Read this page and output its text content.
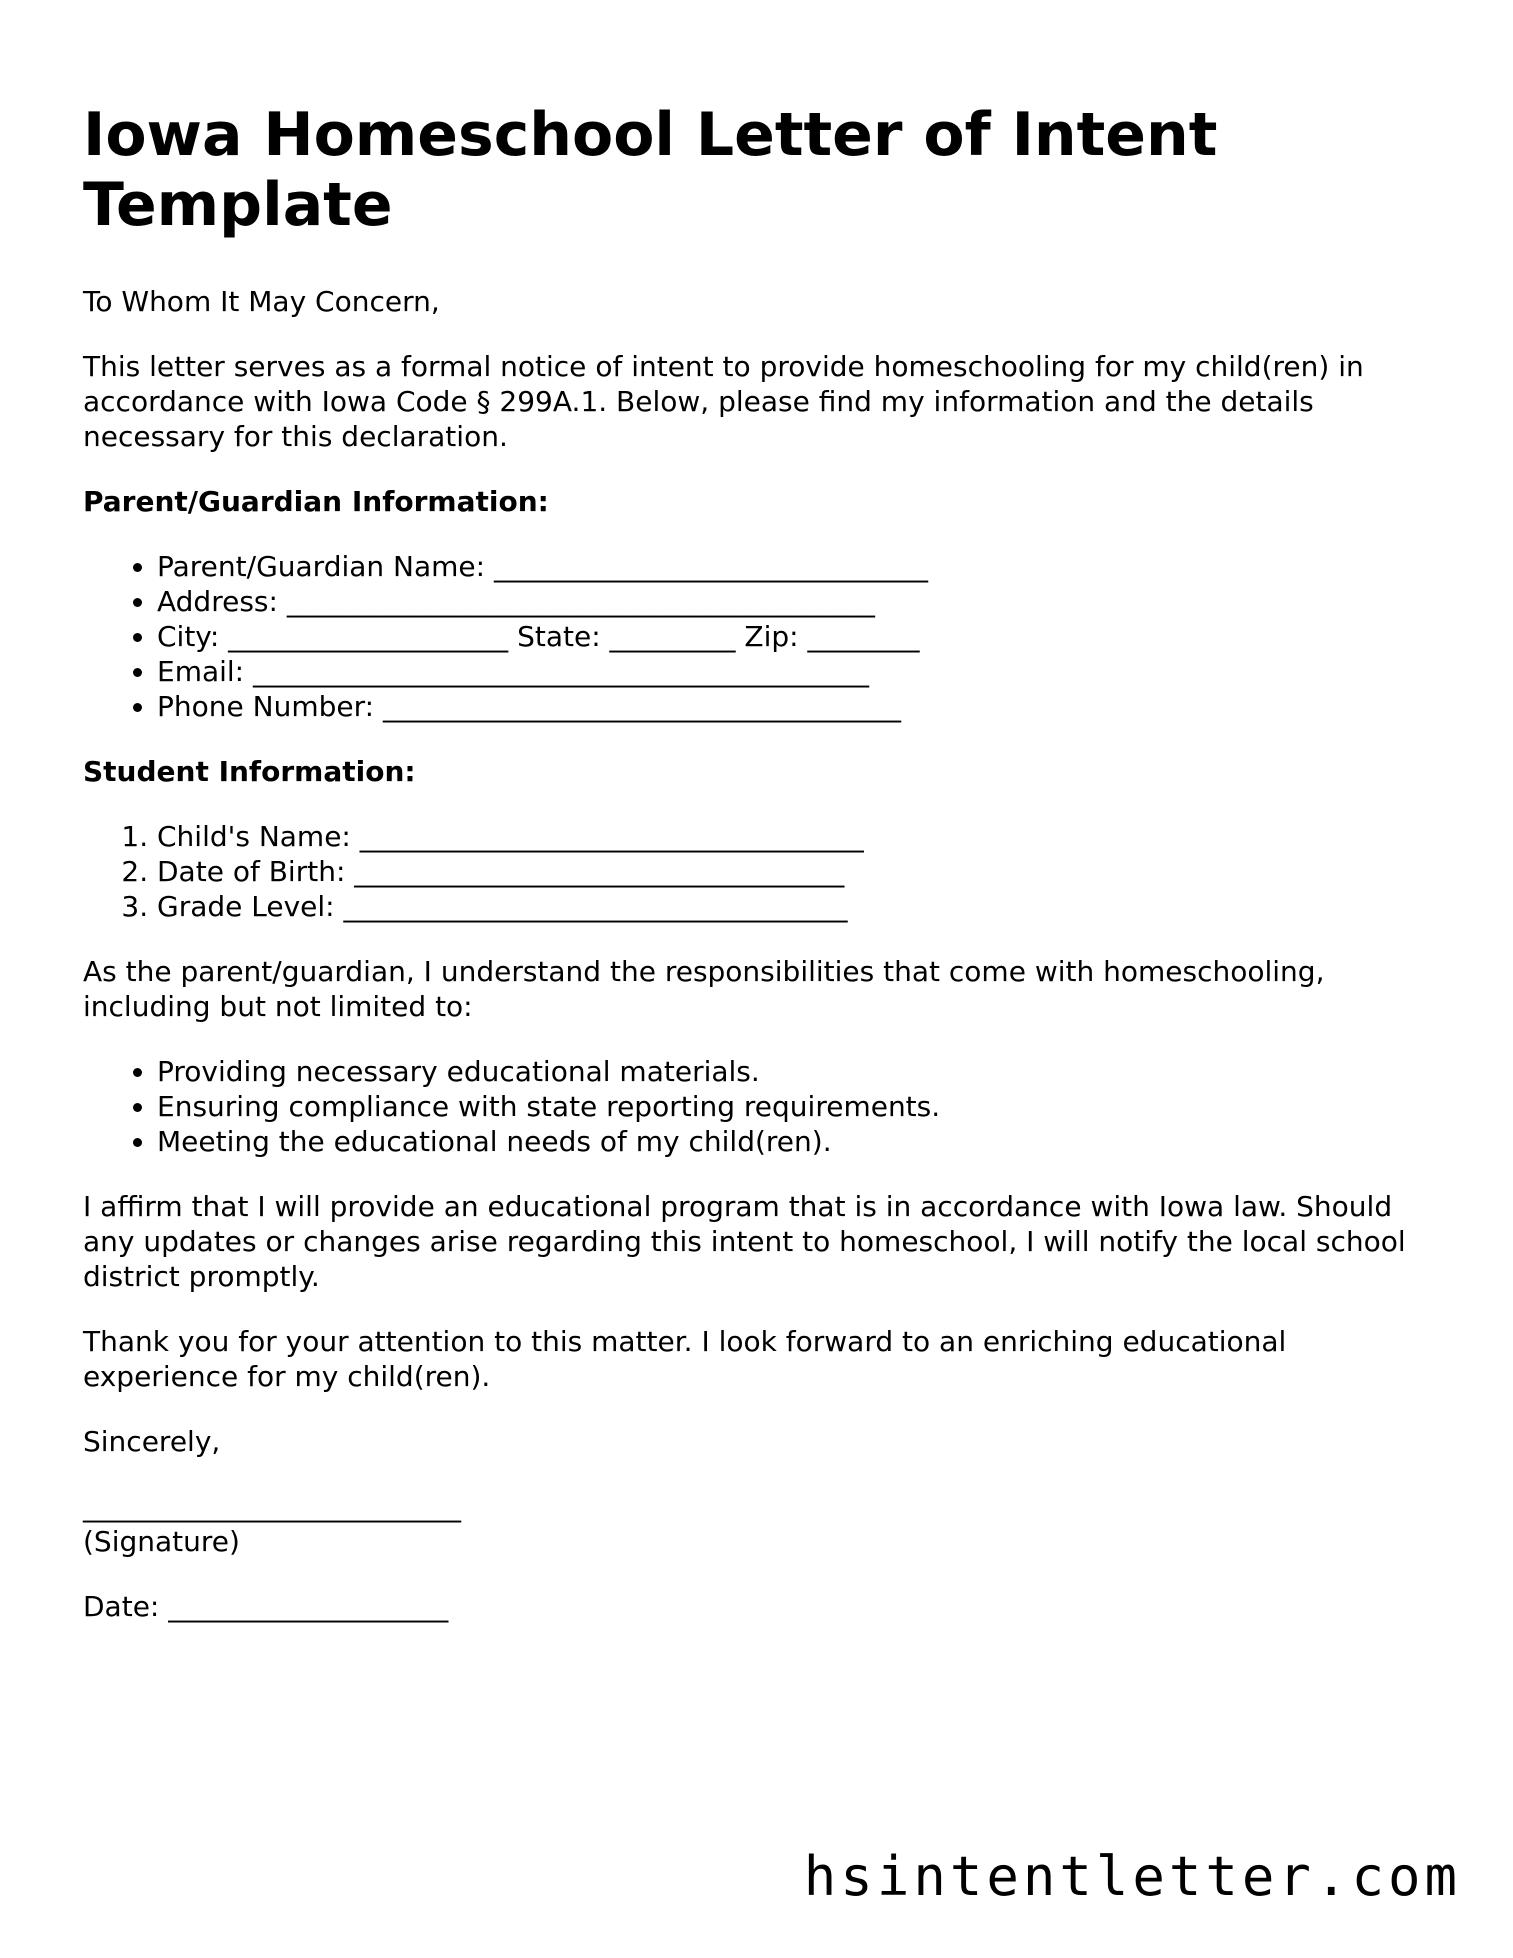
Iowa Homeschool Letter of Intent Template

To Whom It May Concern,

This letter serves as a formal notice of intent to provide homeschooling for my child(ren) in accordance with Iowa Code § 299A.1. Below, please find my information and the details necessary for this declaration.

Parent/Guardian Information:

• Parent/Guardian Name: _______________________________
• Address: __________________________________________
• City: ____________________ State: _________ Zip: ________
• Email: ____________________________________________
• Phone Number: _____________________________________

Student Information:

1. Child's Name: ____________________________________
2. Date of Birth: ___________________________________
3. Grade Level: ____________________________________

As the parent/guardian, I understand the responsibilities that come with homeschooling, including but not limited to:

• Providing necessary educational materials.
• Ensuring compliance with state reporting requirements.
• Meeting the educational needs of my child(ren).

I affirm that I will provide an educational program that is in accordance with Iowa law. Should any updates or changes arise regarding this intent to homeschool, I will notify the local school district promptly.

Thank you for your attention to this matter. I look forward to an enriching educational experience for my child(ren).

Sincerely,

___________________________

(Signature)

Date: ____________________

hsintentletter.com
